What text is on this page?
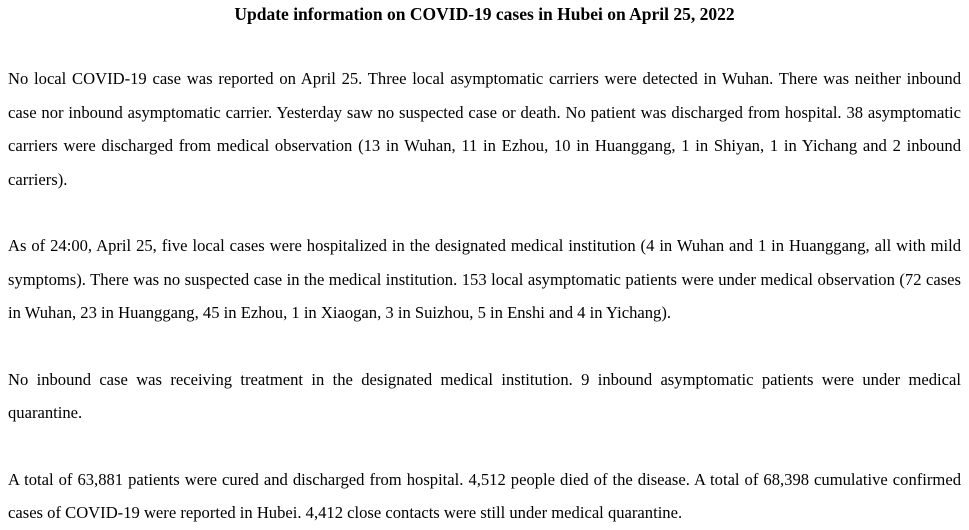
Update information on COVID-19 cases in Hubei on April 25, 2022

No local COVID-19 case was reported on April 25. Three local asymptomatic carriers were detected in Wuhan. There was neither inbound case nor inbound asymptomatic carrier. Yesterday saw no suspected case or death. No patient was discharged from hospital. 38 asymptomatic carriers were discharged from medical observation (13 in Wuhan, 11 in Ezhou, 10 in Huanggang, 1 in Shiyan, 1 in Yichang and 2 inbound carriers).

As of 24:00, April 25, five local cases were hospitalized in the designated medical institution (4 in Wuhan and 1 in Huanggang, all with mild symptoms). There was no suspected case in the medical institution. 153 local asymptomatic patients were under medical observation (72 cases in Wuhan, 23 in Huanggang, 45 in Ezhou, 1 in Xiaogan, 3 in Suizhou, 5 in Enshi and 4 in Yichang).

No inbound case was receiving treatment in the designated medical institution. 9 inbound asymptomatic patients were under medical quarantine.

A total of 63,881 patients were cured and discharged from hospital. 4,512 people died of the disease. A total of 68,398 cumulative confirmed cases of COVID-19 were reported in Hubei. 4,412 close contacts were still under medical quarantine.
